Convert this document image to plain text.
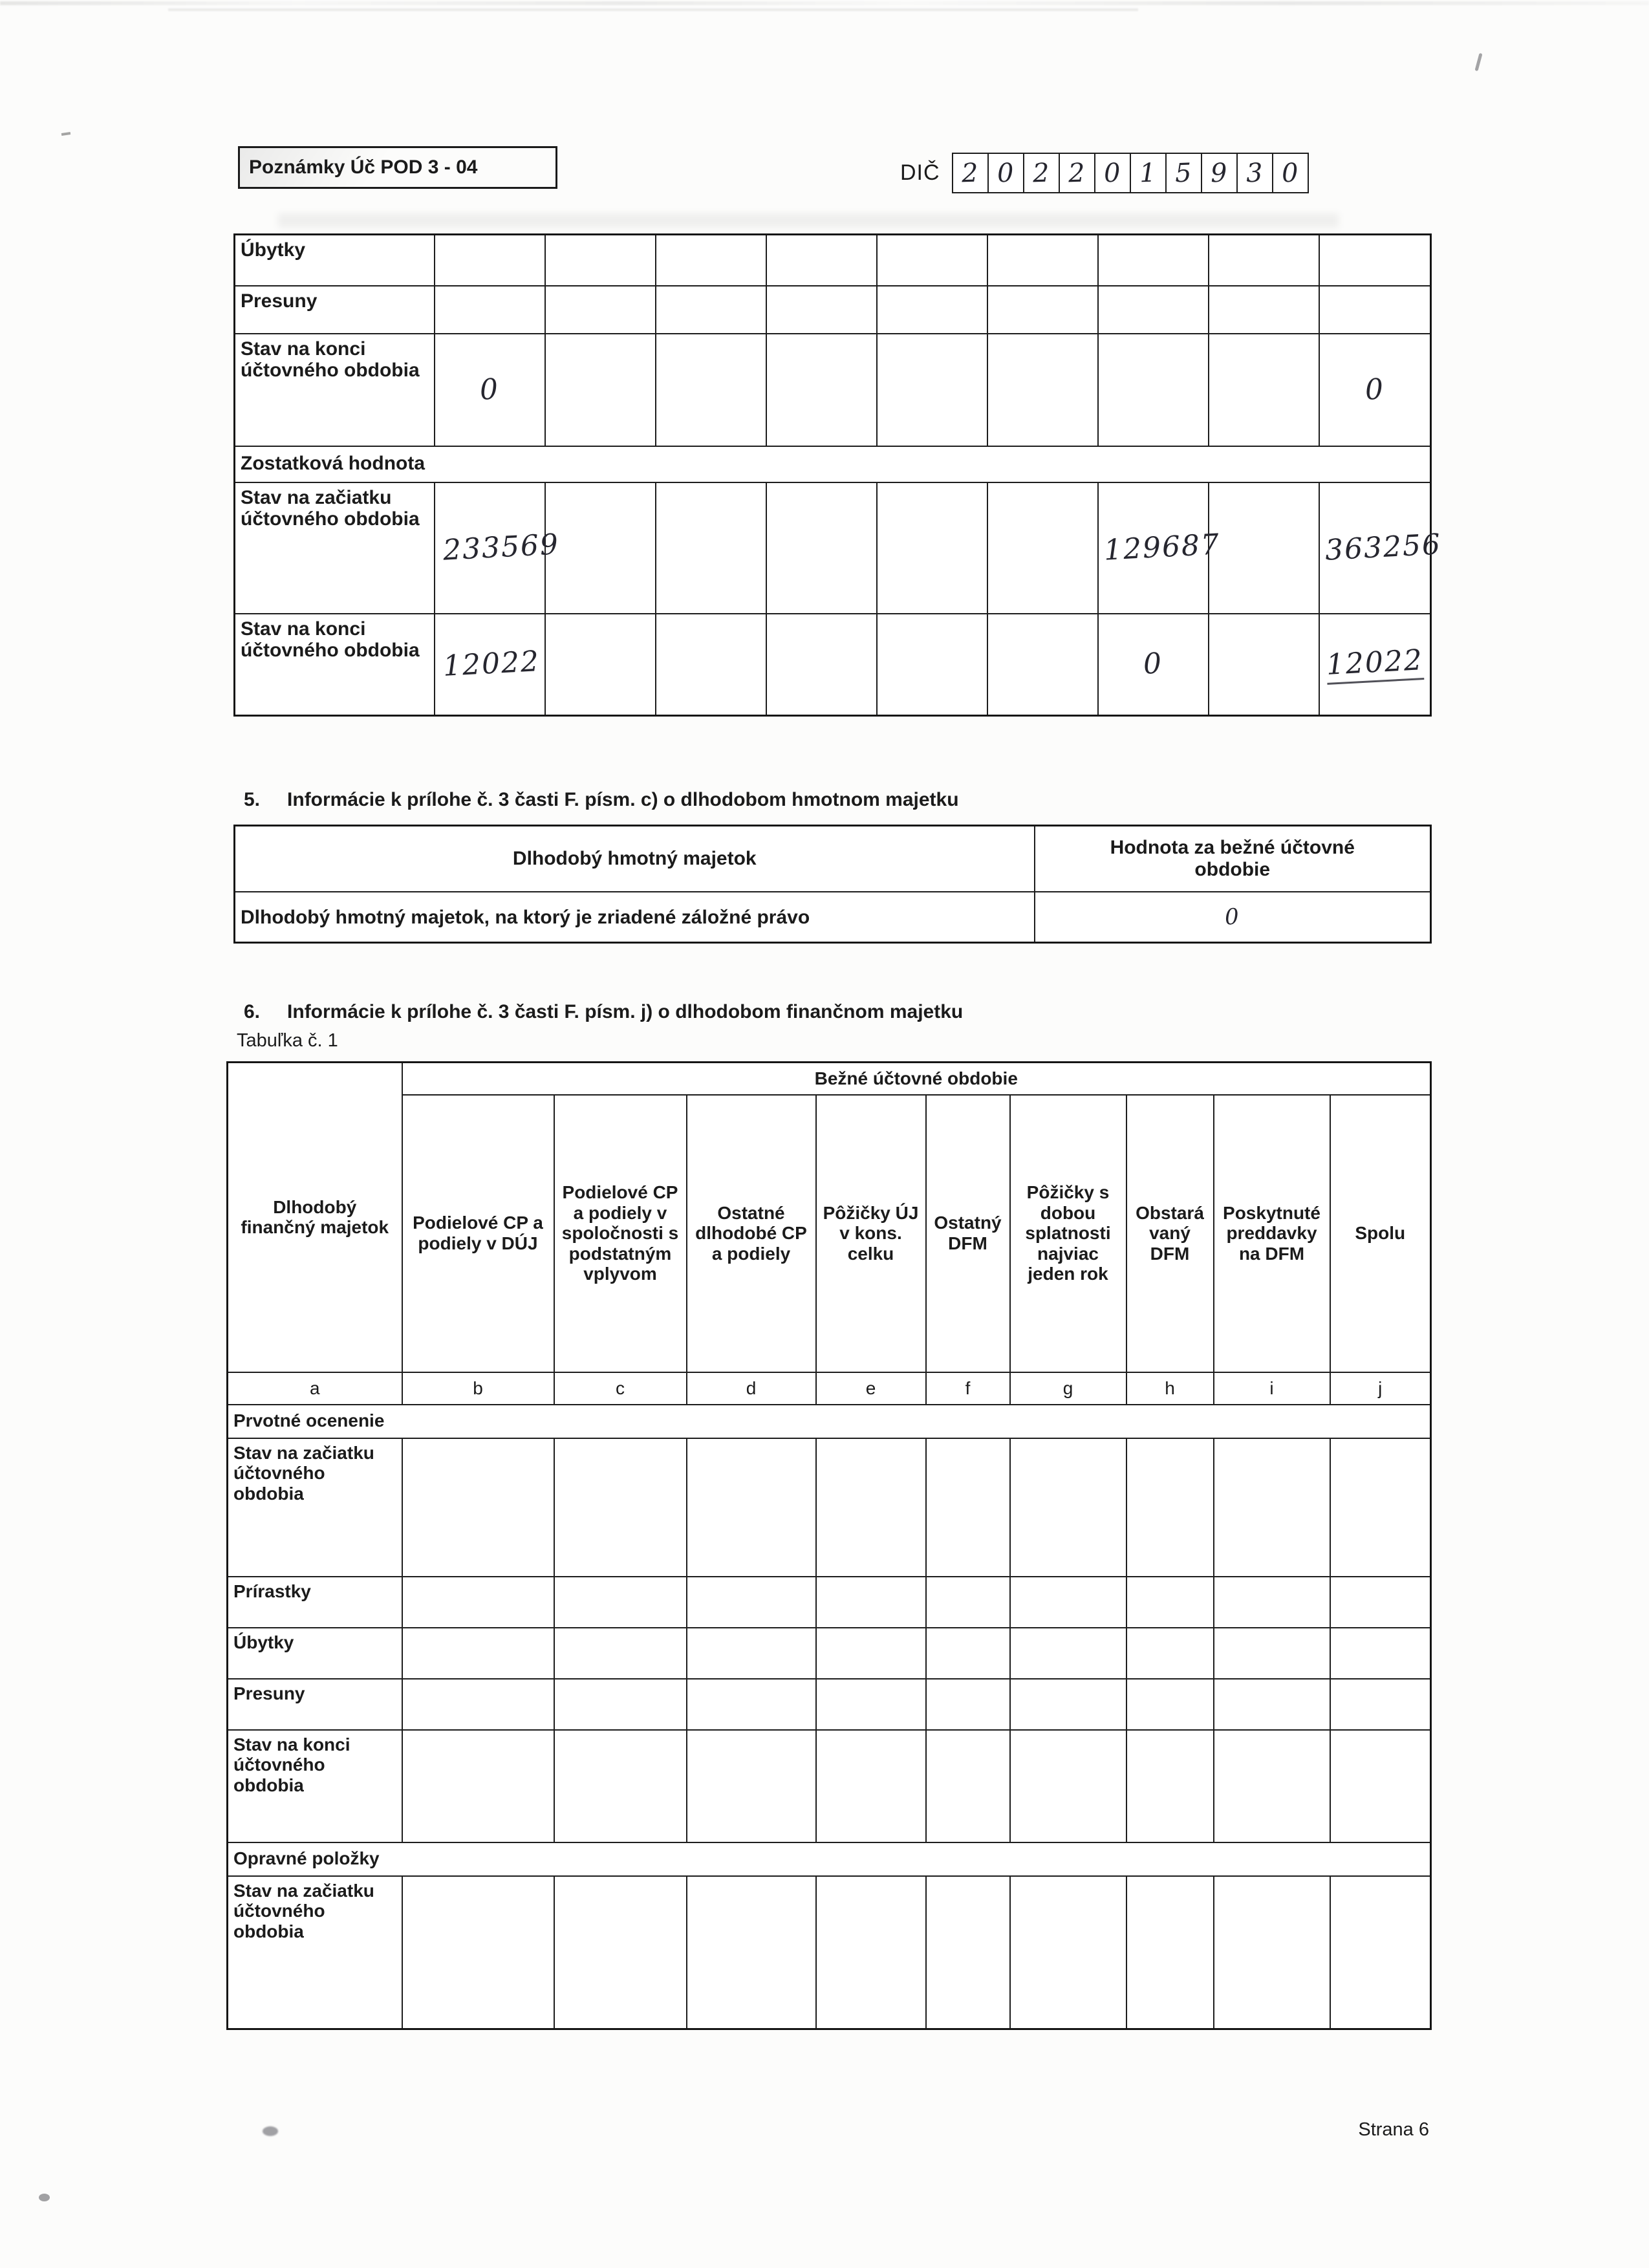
Poznámky Úč POD 3 - 04	DIČ 2 0 2 2 0 1 5 9 3 0
Úbytky									
Presuny									
Stav na konci účtovného obdobia	0								0
Zostatková hodnota									
Stav na začiatku účtovného obdobia	233569						129687		363256
Stav na konci účtovného obdobia	12022						0		12022
5. Informácie k prílohe č. 3 časti F. písm. c) o dlhodobom hmotnom majetku
Dlhodobý hmotný majetok	Hodnota za bežné účtovné obdobie

Dlhodobý hmotný majetok, na ktorý je zriadené záložné právo	0
6. Informácie k prílohe č. 3 časti F. písm. j) o dlhodobom finančnom majetku
Tabuľka č. 1
Dlhodobý finančný majetok	Bežné účtovné obdobie								
	Podielové CP a podiely v DÚJ	Podielové CP a podiely v spoločnosti s podstatným vplyvom	Ostatné dlhodobé CP a podiely	Pôžičky ÚJ v kons. celku	Ostatný DFM	Pôžičky s dobou splatnosti najviac jeden rok	Obstarávaný DFM	Poskytnuté preddavky na DFM	Spolu
a	b	c	d	e	f	g	h	i	j
Prvotné ocenenie									
Stav na začiatku účtovného obdobia									
Prírastky									
Úbytky									
Presuny									
Stav na konci účtovného obdobia									
Opravné položky									
Stav na začiatku účtovného obdobia									
Strana 6
